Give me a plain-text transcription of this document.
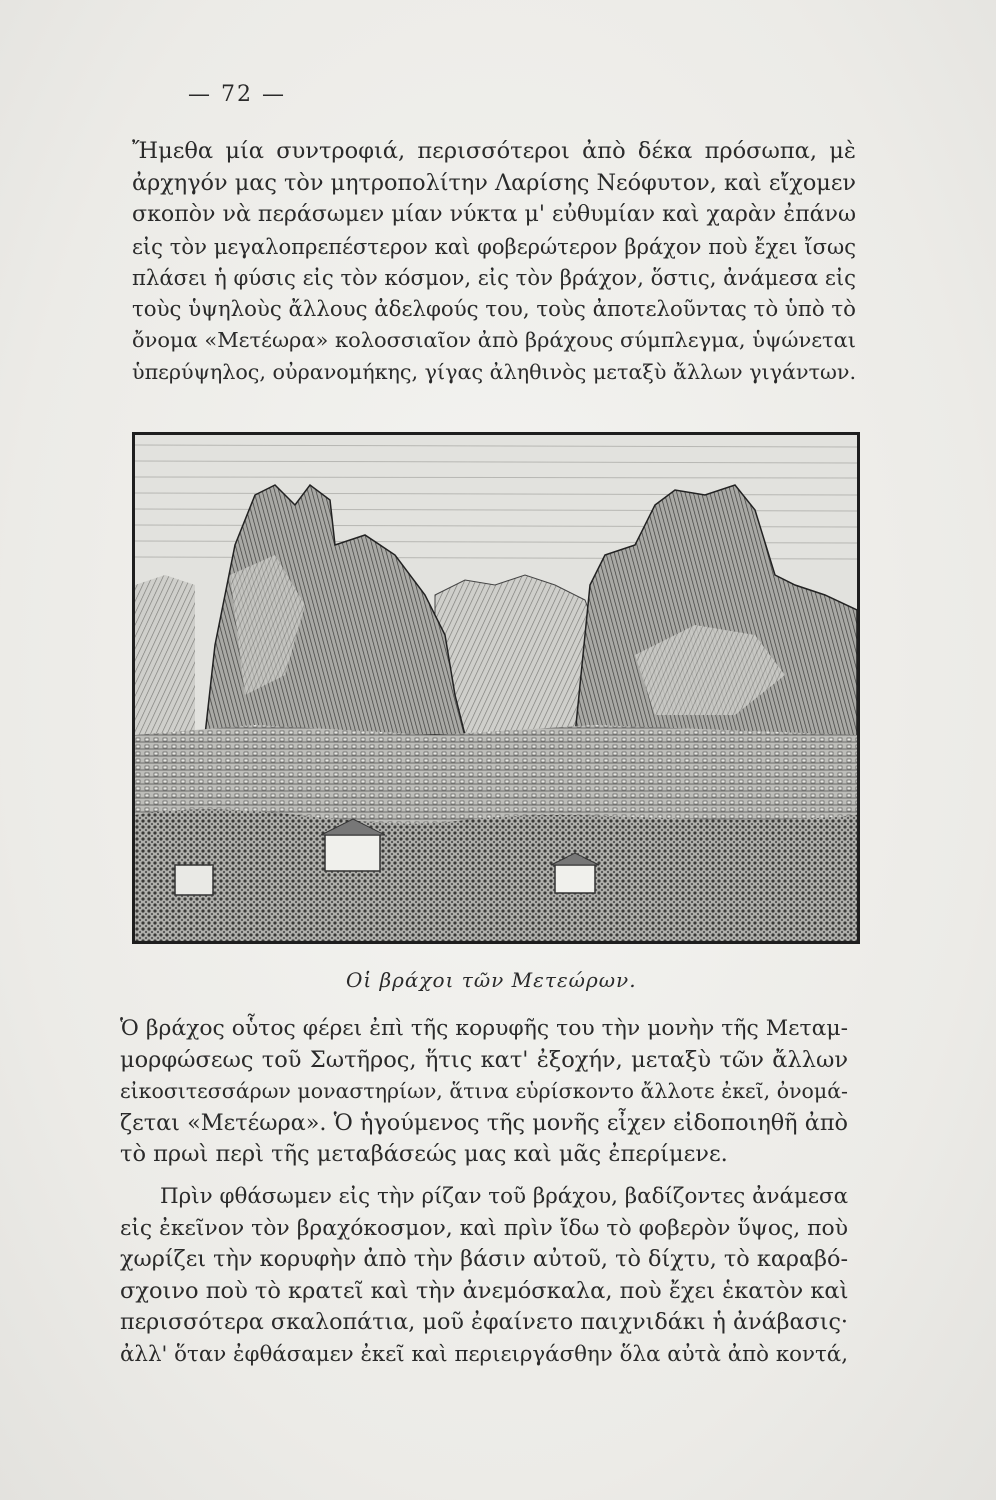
— 72 —

Ἤμεθα μία συντροφιά, περισσότεροι ἀπὸ δέκα πρόσωπα, μὲ
ἀρχηγόν μας τὸν μητροπολίτην Λαρίσης Νεόφυτον, καὶ εἴχομεν
σκοπὸν νὰ περάσωμεν μίαν νύκτα μ' εὐθυμίαν καὶ χαρὰν ἐπάνω
εἰς τὸν μεγαλοπρεπέστερον καὶ φοβερώτερον βράχον ποὺ ἔχει ἴσως
πλάσει ἡ φύσις εἰς τὸν κόσμον, εἰς τὸν βράχον, ὅστις, ἀνάμεσα εἰς
τοὺς ὑψηλοὺς ἄλλους ἀδελφούς του, τοὺς ἀποτελοῦντας τὸ ὑπὸ τὸ
ὄνομα «Μετέωρα» κολοσσιαῖον ἀπὸ βράχους σύμπλεγμα, ὑψώνεται
ὑπερύψηλος, οὐρανομήκης, γίγας ἀληθινὸς μεταξὺ ἄλλων γιγάντων.

Οἱ βράχοι τῶν Μετεώρων.

Ὁ βράχος οὗτος φέρει ἐπὶ τῆς κορυφῆς του τὴν μονὴν τῆς Μεταμ-
μορφώσεως τοῦ Σωτῆρος, ἥτις κατ' ἐξοχήν, μεταξὺ τῶν ἄλλων
εἰκοσιτεσσάρων μοναστηρίων, ἅτινα εὑρίσκοντο ἄλλοτε ἐκεῖ, ὀνομά-
ζεται «Μετέωρα». Ὁ ἡγούμενος τῆς μονῆς εἶχεν εἰδοποιηθῆ ἀπὸ
τὸ πρωὶ περὶ τῆς μεταβάσεώς μας καὶ μᾶς ἐπερίμενε.

Πρὶν φθάσωμεν εἰς τὴν ρίζαν τοῦ βράχου, βαδίζοντες ἀνάμεσα
εἰς ἐκεῖνον τὸν βραχόκοσμον, καὶ πρὶν ἴδω τὸ φοβερὸν ὕψος, ποὺ
χωρίζει τὴν κορυφὴν ἀπὸ τὴν βάσιν αὐτοῦ, τὸ δίχτυ, τὸ καραβό-
σχοινο ποὺ τὸ κρατεῖ καὶ τὴν ἀνεμόσκαλα, ποὺ ἔχει ἑκατὸν καὶ
περισσότερα σκαλοπάτια, μοῦ ἐφαίνετο παιχνιδάκι ἡ ἀνάβασις·
ἀλλ' ὅταν ἐφθάσαμεν ἐκεῖ καὶ περιειργάσθην ὅλα αὐτὰ ἀπὸ κοντά,
